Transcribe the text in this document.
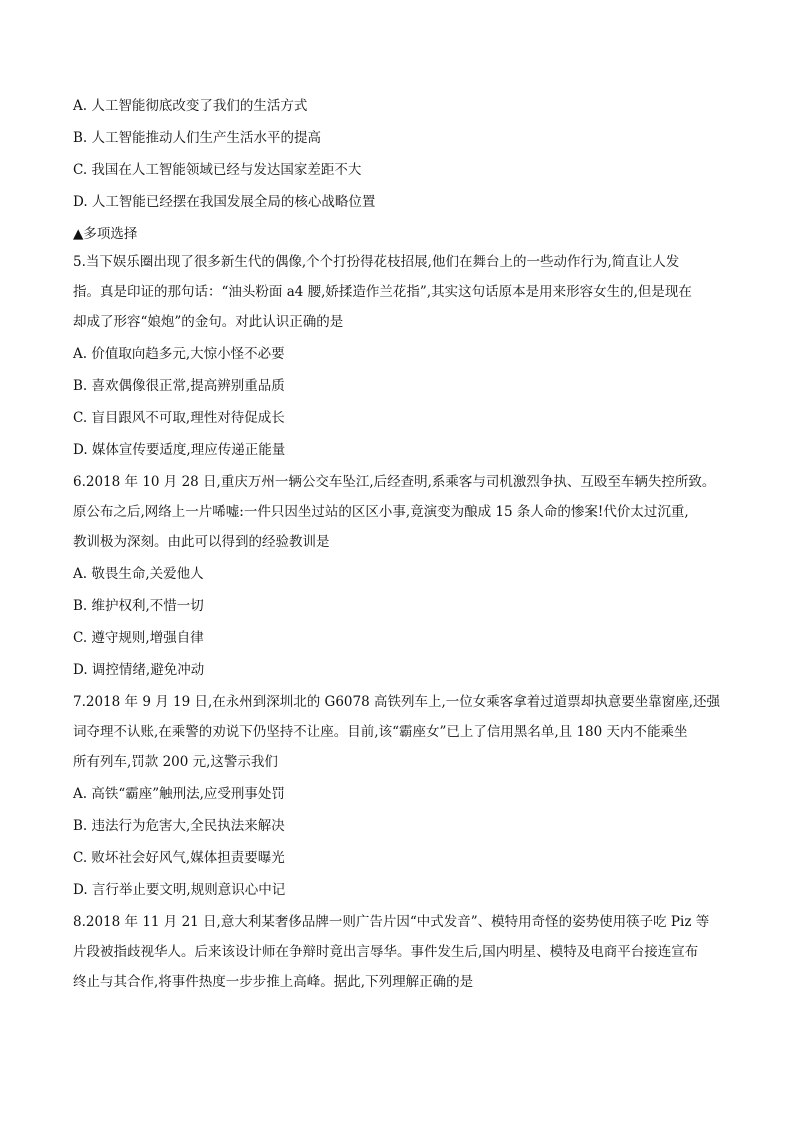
A. 人工智能彻底改变了我们的生活方式
B. 人工智能推动人们生产生活水平的提高
C. 我国在人工智能领域已经与发达国家差距不大
D. 人工智能已经摆在我国发展全局的核心战略位置
▲多项选择
5.当下娱乐圈出现了很多新生代的偶像,个个打扮得花枝招展,他们在舞台上的一些动作行为,简直让人发
指。真是印证的那句话：“油头粉面 a4 腰,娇揉造作兰花指”,其实这句话原本是用来形容女生的,但是现在
却成了形容“娘炮”的金句。对此认识正确的是
A. 价值取向趋多元,大惊小怪不必要
B. 喜欢偶像很正常,提高辨别重品质
C. 盲目跟风不可取,理性对待促成长
D. 媒体宣传要适度,理应传递正能量
6.2018 年 10 月 28 日,重庆万州一辆公交车坠江,后经查明,系乘客与司机激烈争执、互殴至车辆失控所致。
原公布之后,网络上一片唏嘘:一件只因坐过站的区区小事,竟演变为酿成 15 条人命的惨案!代价太过沉重,
教训极为深刻。由此可以得到的经验教训是
A. 敬畏生命,关爱他人
B. 维护权利,不惜一切
C. 遵守规则,增强自律
D. 调控情绪,避免冲动
7.2018 年 9 月 19 日,在永州到深圳北的 G6078 高铁列车上,一位女乘客拿着过道票却执意要坐靠窗座,还强
词夺理不认账,在乘警的劝说下仍坚持不让座。目前,该“霸座女”已上了信用黑名单,且 180 天内不能乘坐
所有列车,罚款 200 元,这警示我们
A. 高铁“霸座”触刑法,应受刑事处罚
B. 违法行为危害大,全民执法来解决
C. 败坏社会好风气,媒体担责要曝光
D. 言行举止要文明,规则意识心中记
8.2018 年 11 月 21 日,意大利某奢侈品牌一则广告片因“中式发音”、模特用奇怪的姿势使用筷子吃 Piz 等
片段被指歧视华人。后来该设计师在争辩时竟出言辱华。事件发生后,国内明星、模特及电商平台接连宣布
终止与其合作,将事件热度一步步推上高峰。据此,下列理解正确的是
